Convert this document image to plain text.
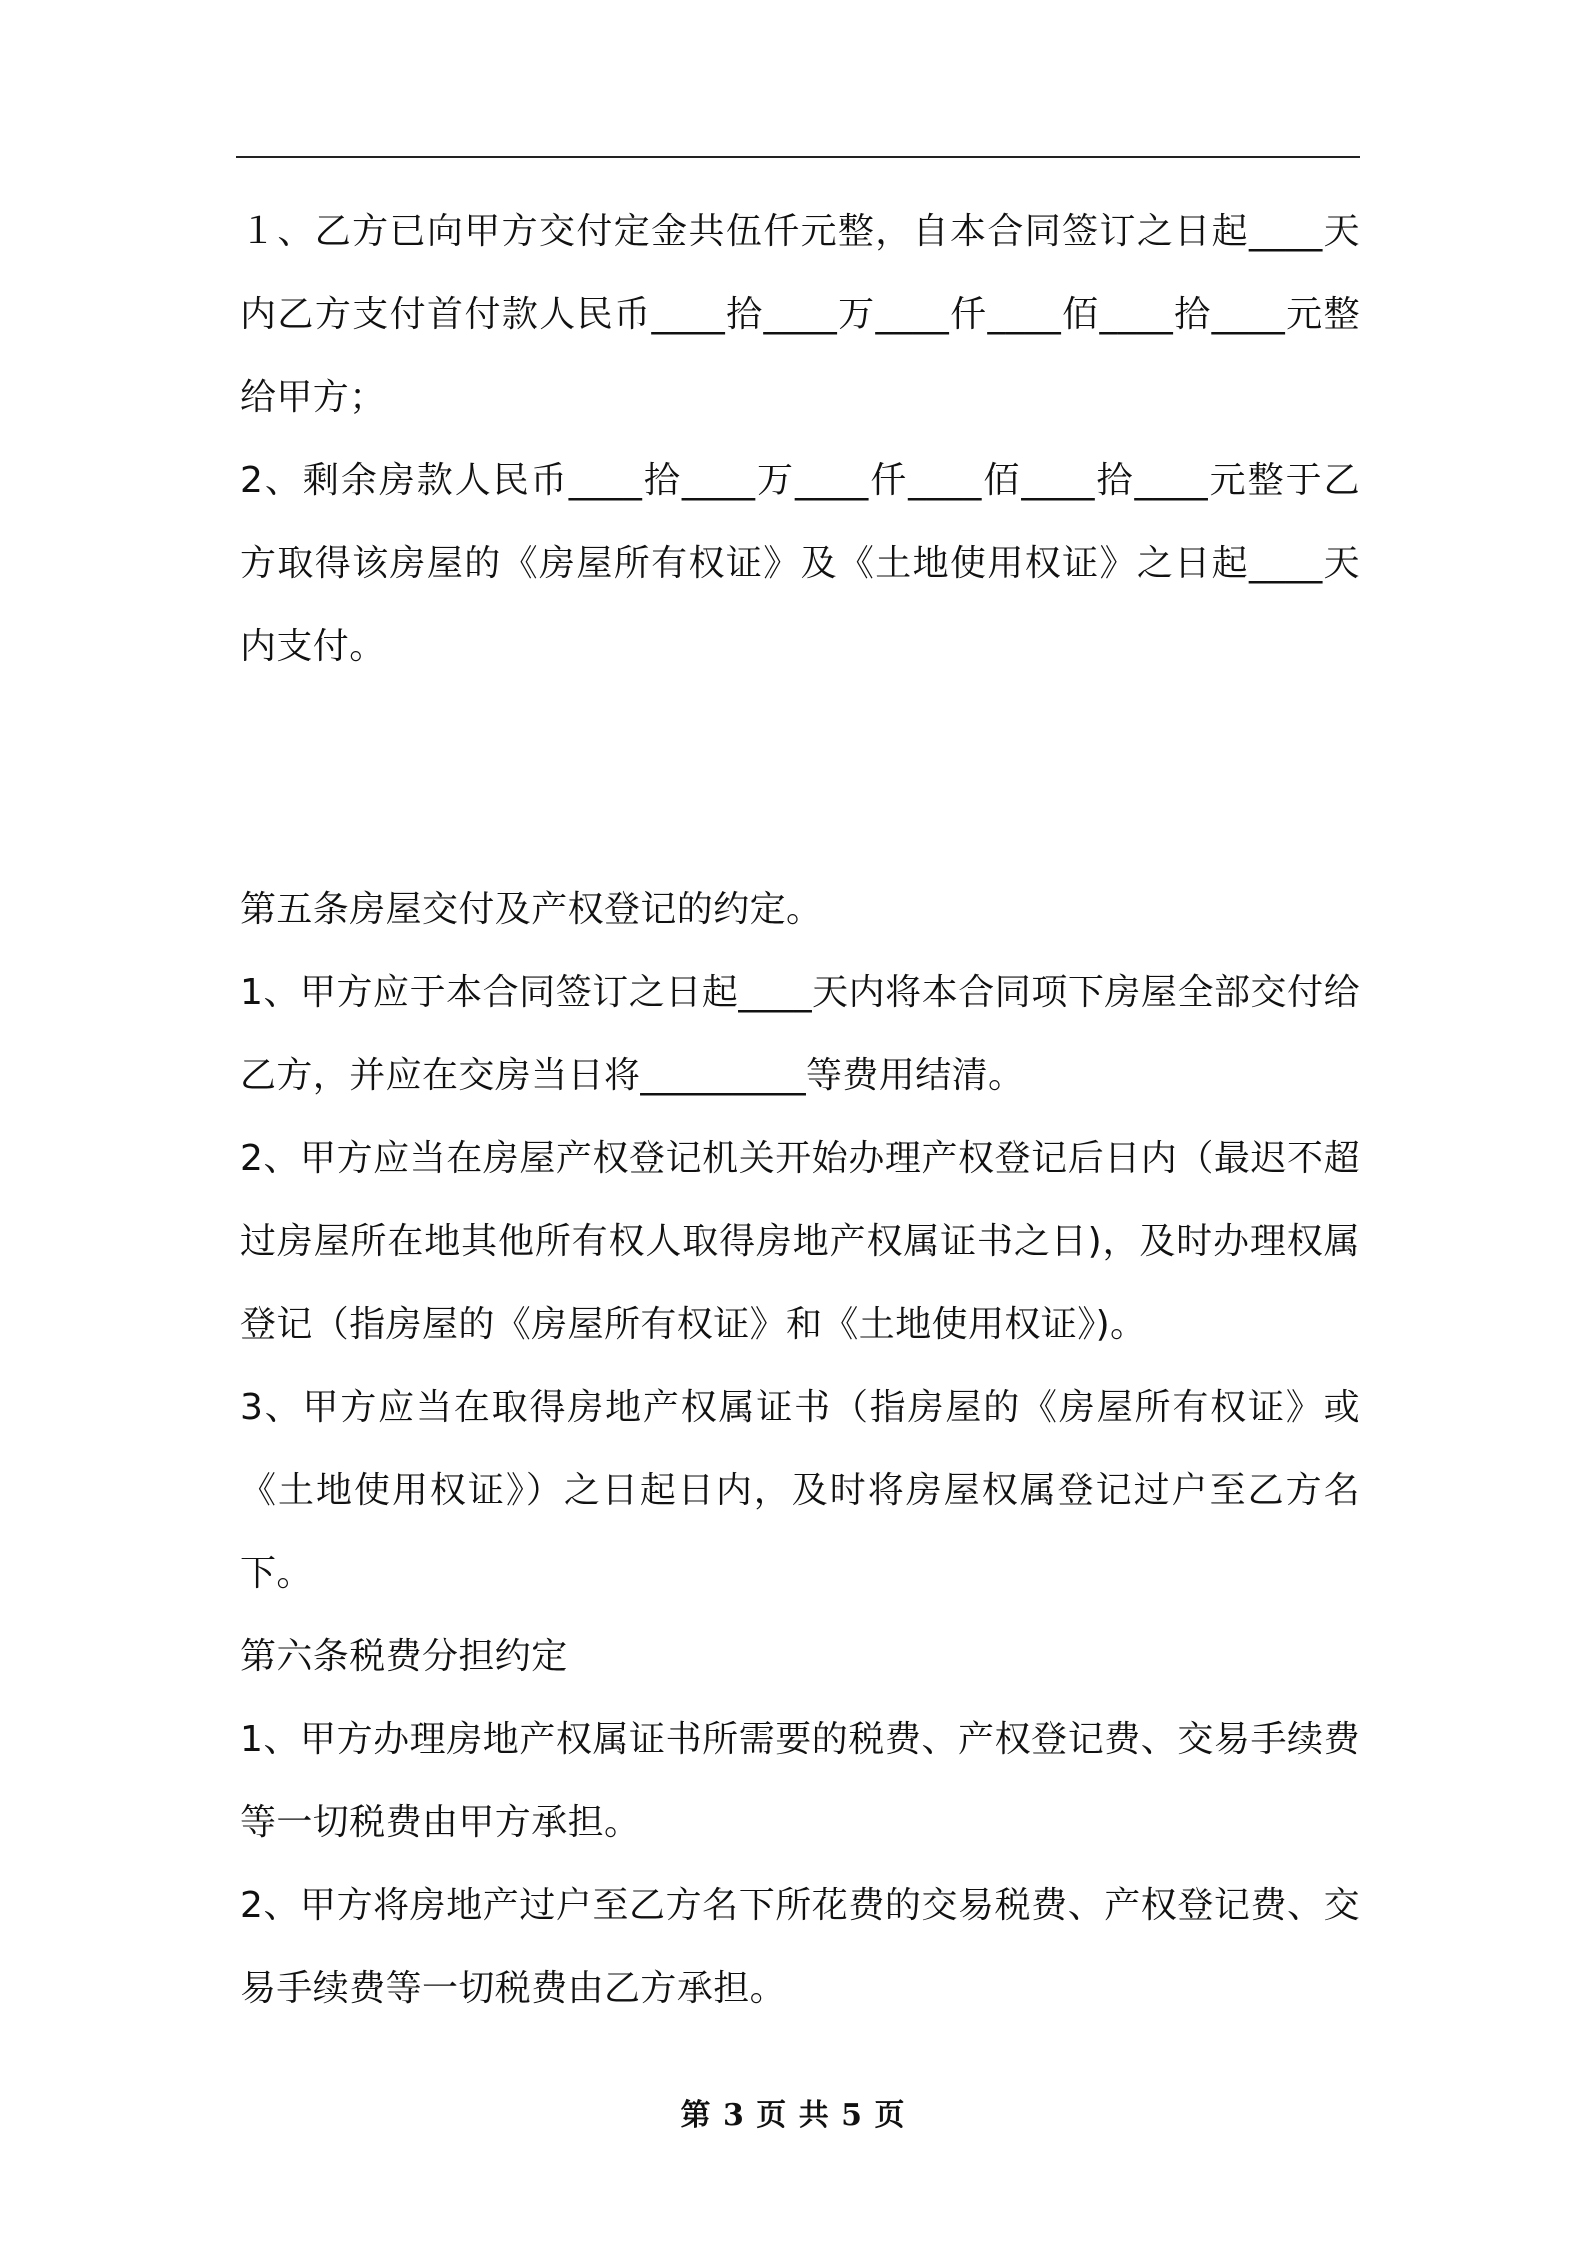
１、乙方已向甲方交付定金共伍仟元整，自本合同签订之日起____天内乙方支付首付款人民币____拾____万____仟____佰____拾____元整给甲方；

2、剩余房款人民币____拾____万____仟____佰____拾____元整于乙方取得该房屋的《房屋所有权证》及《土地使用权证》之日起____天内支付。

第五条房屋交付及产权登记的约定。

1、甲方应于本合同签订之日起____天内将本合同项下房屋全部交付给乙方，并应在交房当日将_________等费用结清。

2、甲方应当在房屋产权登记机关开始办理产权登记后日内（最迟不超过房屋所在地其他所有权人取得房地产权属证书之日)，及时办理权属登记（指房屋的《房屋所有权证》和《土地使用权证》)。

3、甲方应当在取得房地产权属证书（指房屋的《房屋所有权证》或《土地使用权证》）之日起日内，及时将房屋权属登记过户至乙方名下。

第六条税费分担约定

1、甲方办理房地产权属证书所需要的税费、产权登记费、交易手续费等一切税费由甲方承担。

2、甲方将房地产过户至乙方名下所花费的交易税费、产权登记费、交易手续费等一切税费由乙方承担。

第 3 页 共 5 页
